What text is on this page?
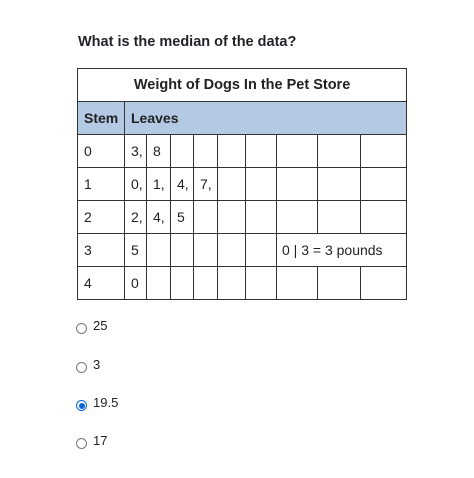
What is the median of the data?
Weight of Dogs In the Pet Store									
Stem	Leaves								
0	3,	8							
1	0,	1,	4,	7,					
2	2,	4,	5						
3	5						0 | 3 = 3 pounds		
4	0								
25
3
19.5
17
